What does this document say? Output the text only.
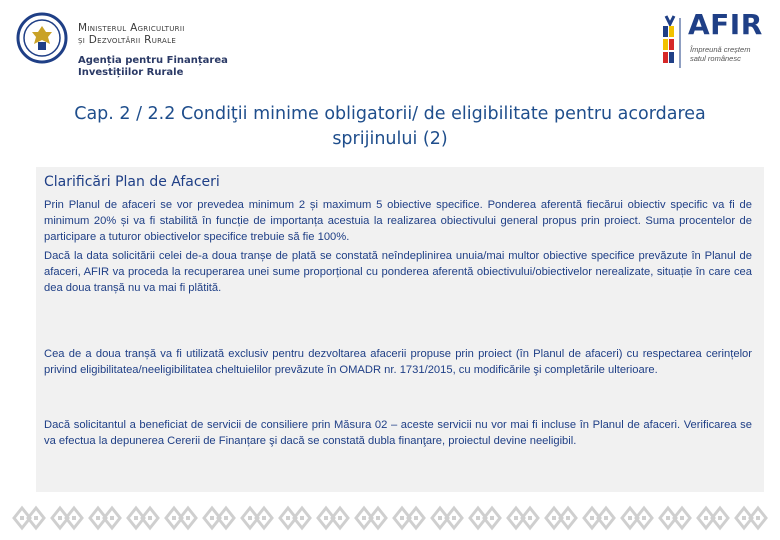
Ministerul Agriculturii
și Dezvoltării Rurale
Agenția pentru Finanțarea
Investițiilor Rurale
AFIR
Împreună creștem
satul românesc
Cap. 2 / 2.2 Condiţii minime obligatorii/ de eligibilitate pentru acordarea
sprijinului (2)
Clarificări Plan de Afaceri

Prin Planul de afaceri se vor prevedea minimum 2 și maximum 5 obiective specifice. Ponderea aferentă fiecărui obiectiv specific va fi de minimum 20% și va fi stabilită în funcție de importanța acestuia la realizarea obiectivului general propus prin proiect. Suma procentelor de participare a tuturor obiectivelor specifice trebuie să fie 100%.

Dacă la data solicitării celei de-a doua tranșe de plată se constată neîndeplinirea unuia/mai multor obiective specifice prevăzute în Planul de afaceri, AFIR va proceda la recuperarea unei sume proporțional cu ponderea aferentă obiectivului/obiectivelor nerealizate, situație în care cea dea doua tranșă nu va mai fi plătită.

Cea de a doua tranșă va fi utilizată exclusiv pentru dezvoltarea afacerii propuse prin proiect (în Planul de afaceri) cu respectarea cerințelor privind eligibilitatea/neeligibilitatea cheltuielilor prevăzute în OMADR nr. 1731/2015, cu modificările şi completările ulterioare.

Dacă solicitantul a beneficiat de servicii de consiliere prin Măsura 02 – aceste servicii nu vor mai fi incluse în Planul de afaceri. Verificarea se va efectua la depunerea Cererii de Finanțare şi dacă se constată dubla finanţare, proiectul devine neeligibil.
